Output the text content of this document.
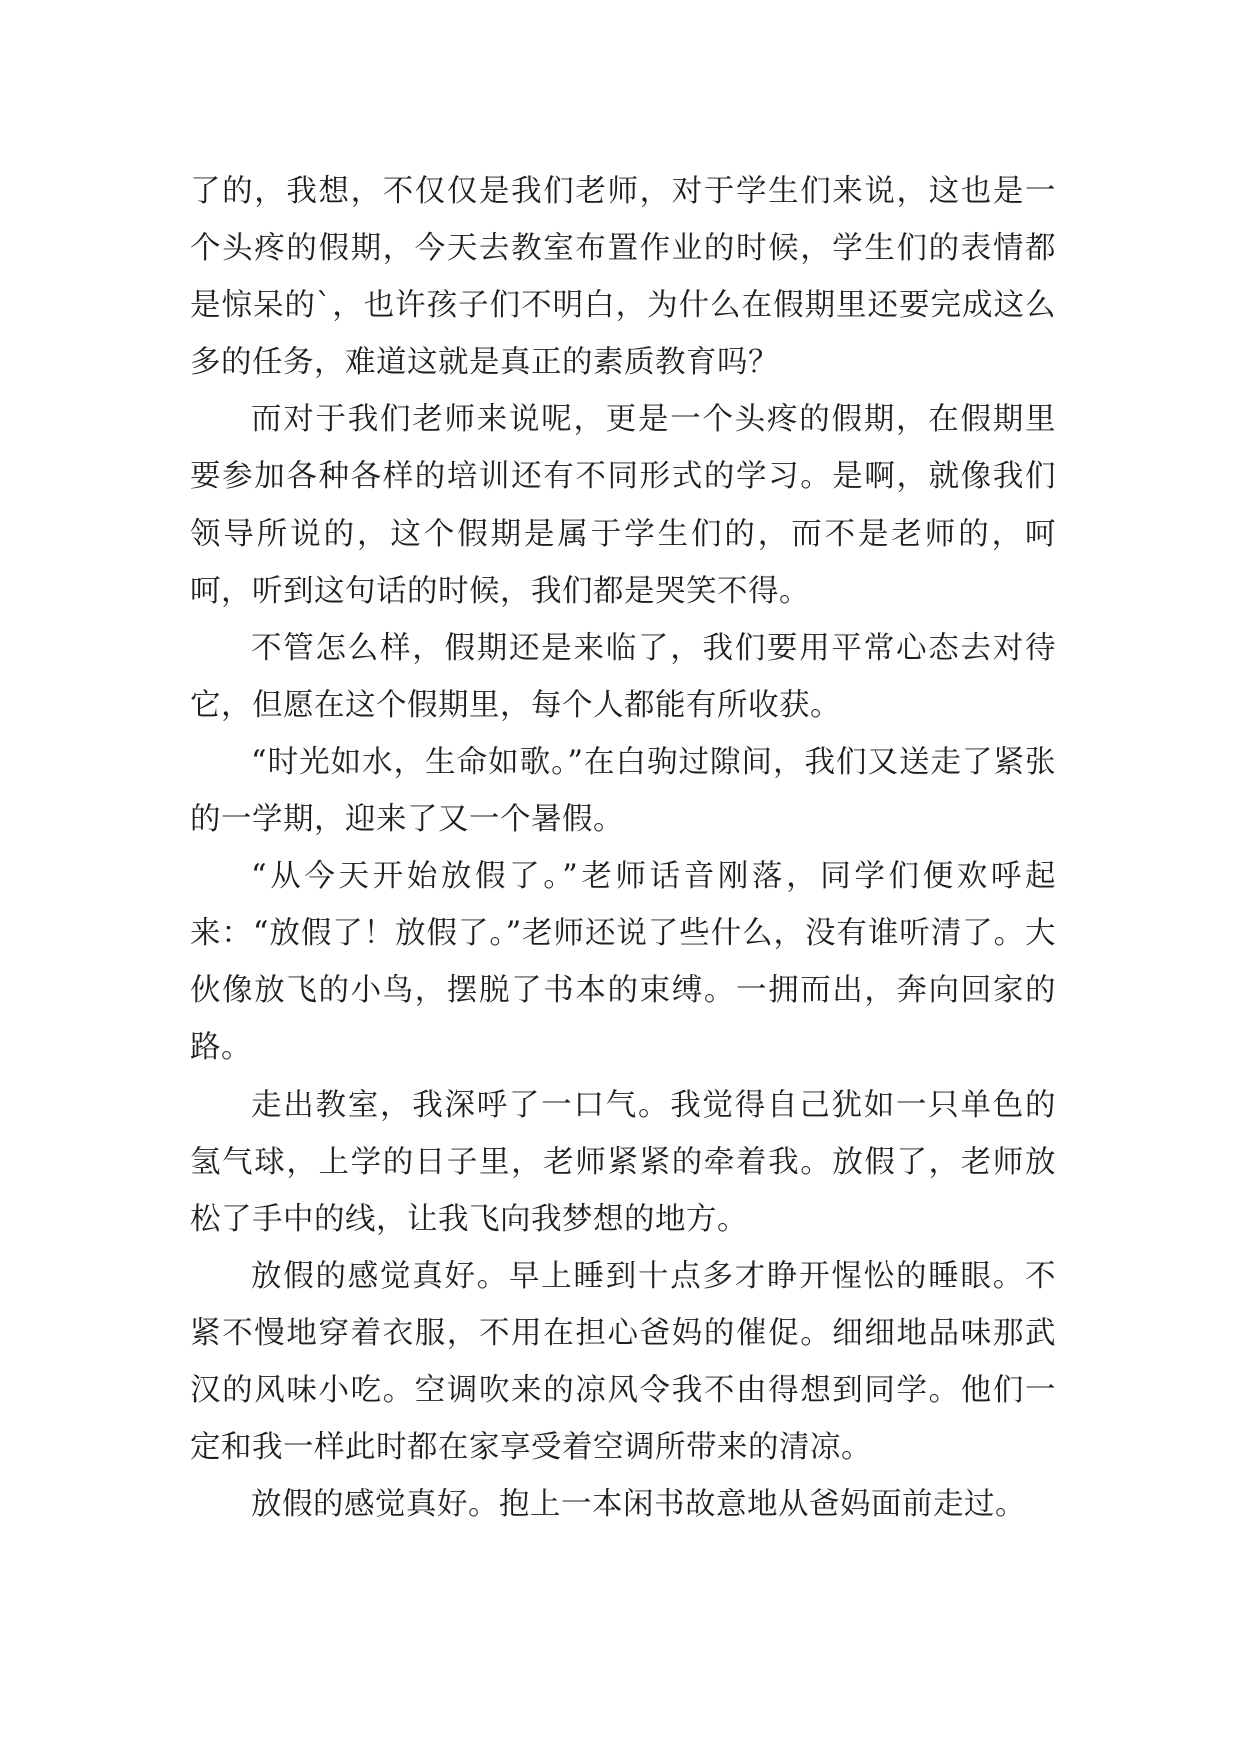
了的，我想，不仅仅是我们老师，对于学生们来说，这也是一个头疼的假期，今天去教室布置作业的时候，学生们的表情都是惊呆的`，也许孩子们不明白，为什么在假期里还要完成这么多的任务，难道这就是真正的素质教育吗？

而对于我们老师来说呢，更是一个头疼的假期，在假期里要参加各种各样的培训还有不同形式的学习。是啊，就像我们领导所说的，这个假期是属于学生们的，而不是老师的，呵呵，听到这句话的时候，我们都是哭笑不得。

不管怎么样，假期还是来临了，我们要用平常心态去对待它，但愿在这个假期里，每个人都能有所收获。

“时光如水，生命如歌。”在白驹过隙间，我们又送走了紧张的一学期，迎来了又一个暑假。

“从今天开始放假了。”老师话音刚落，同学们便欢呼起来：“放假了！放假了。”老师还说了些什么，没有谁听清了。大伙像放飞的小鸟，摆脱了书本的束缚。一拥而出，奔向回家的路。

走出教室，我深呼了一口气。我觉得自己犹如一只单色的氢气球，上学的日子里，老师紧紧的牵着我。放假了，老师放松了手中的线，让我飞向我梦想的地方。

放假的感觉真好。早上睡到十点多才睁开惺忪的睡眼。不紧不慢地穿着衣服，不用在担心爸妈的催促。细细地品味那武汉的风味小吃。空调吹来的凉风令我不由得想到同学。他们一定和我一样此时都在家享受着空调所带来的清凉。

放假的感觉真好。抱上一本闲书故意地从爸妈面前走过。
